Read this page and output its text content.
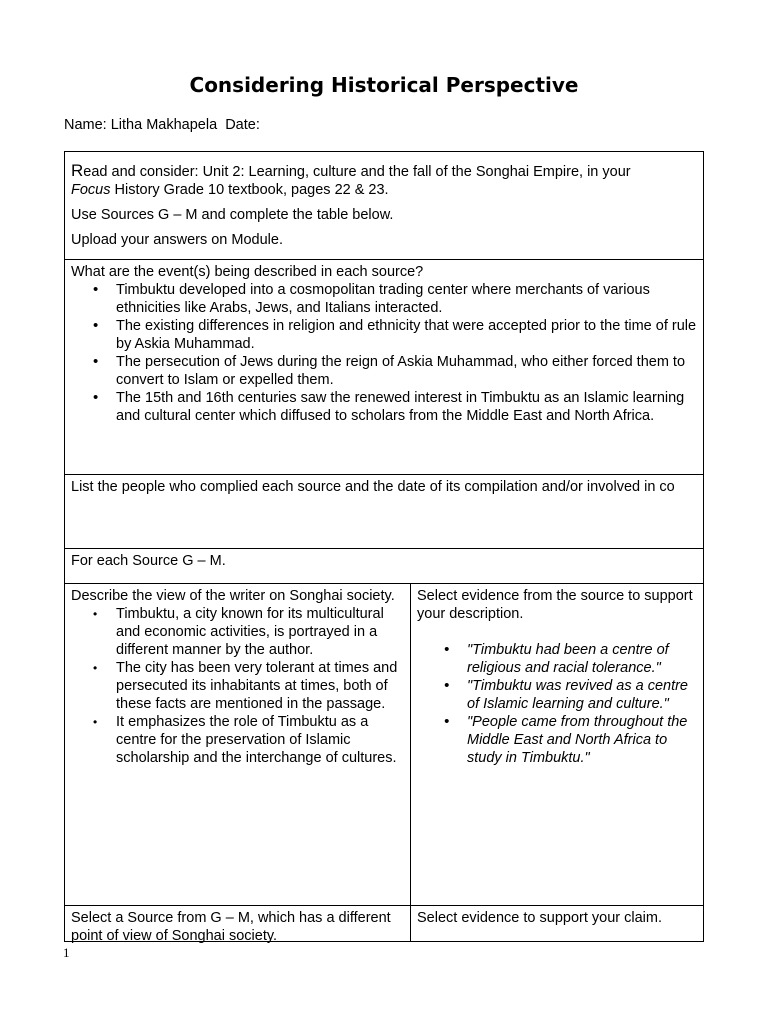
Considering Historical Perspective
Name: Litha Makhapela Date:

Read and consider: Unit 2: Learning, culture and the fall of the Songhai Empire, in your
Focus History Grade 10 textbook, pages 22 & 23.

Use Sources G – M and complete the table below.

Upload your answers on Module.

What are the event(s) being described in each source?
• Timbuktu developed into a cosmopolitan trading center where merchants of various ethnicities like Arabs, Jews, and Italians interacted.
• The existing differences in religion and ethnicity that were accepted prior to the time of rule by Askia Muhammad.
• The persecution of Jews during the reign of Askia Muhammad, who either forced them to convert to Islam or expelled them.
• The 15th and 16th centuries saw the renewed interest in Timbuktu as an Islamic learning and cultural center which diffused to scholars from the Middle East and North Africa.
List the people who complied each source and the date of its compilation and/or involved in co
For each Source G – M.
Describe the view of the writer on Songhai society.
• Timbuktu, a city known for its multicultural and economic activities, is portrayed in a different manner by the author.
• The city has been very tolerant at times and persecuted its inhabitants at times, both of these facts are mentioned in the passage.
• It emphasizes the role of Timbuktu as a centre for the preservation of Islamic scholarship and the interchange of cultures.
Select evidence from the source to support your description.
• "Timbuktu had been a centre of religious and racial tolerance."
• "Timbuktu was revived as a centre of Islamic learning and culture."
• "People came from throughout the Middle East and North Africa to study in Timbuktu."
Select a Source from G – M, which has a different point of view of Songhai society.
Select evidence to support your claim.
1
